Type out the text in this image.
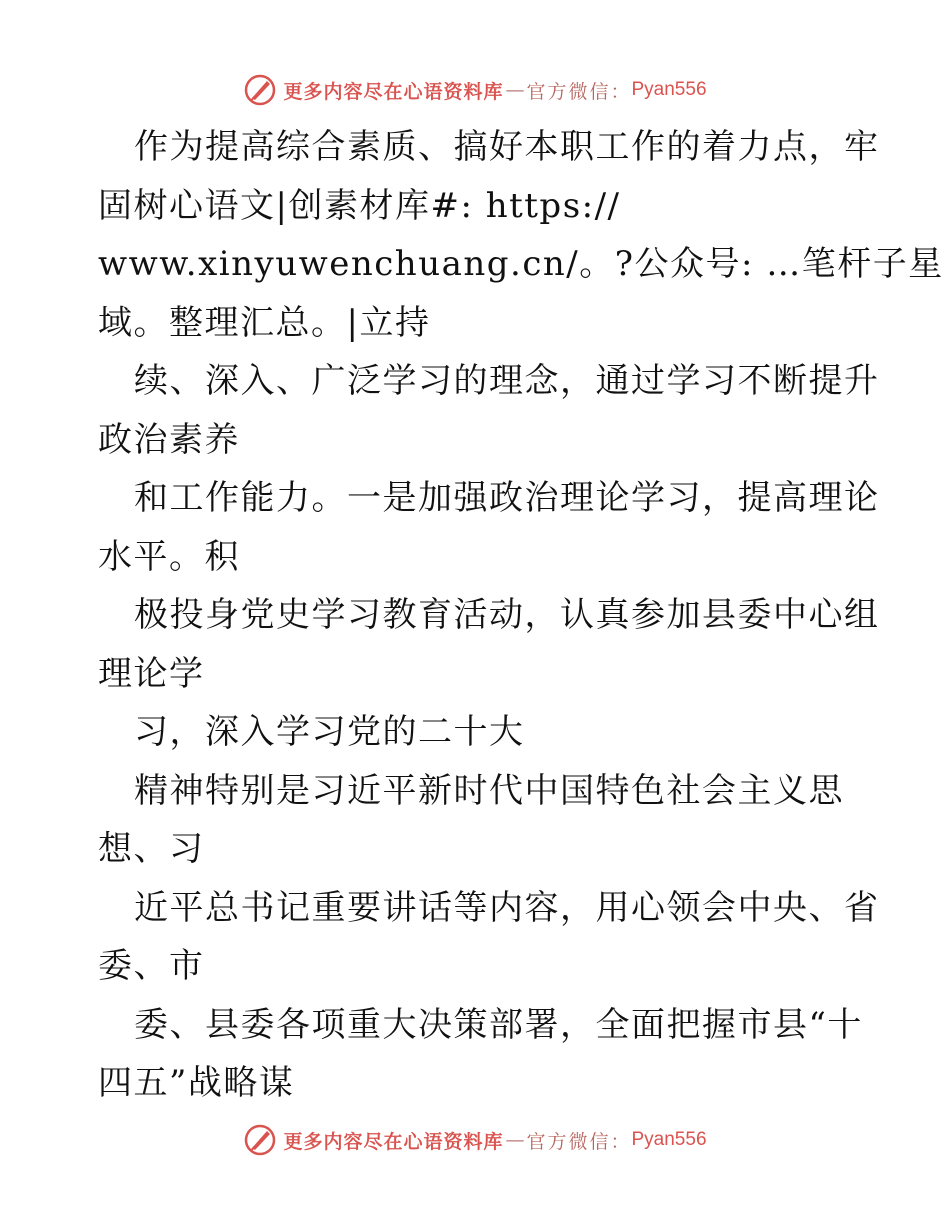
更多内容尽在心语资料库 — 官方微信： Pyan556
作为提高综合素质、搞好本职工作的着力点，牢
固树心语文|创素材库#: https://
www.xinyuwenchuang.cn/。?公众号: …笔杆子星
域。整理汇总。|立持
续、深入、广泛学习的理念，通过学习不断提升
政治素养
和工作能力。一是加强政治理论学习，提高理论
水平。积
极投身党史学习教育活动，认真参加县委中心组
理论学
习，深入学习党的二十大
精神特别是习近平新时代中国特色社会主义思
想、习
近平总书记重要讲话等内容，用心领会中央、省
委、市
委、县委各项重大决策部署，全面把握市县“十
四五”战略谋
更多内容尽在心语资料库 — 官方微信： Pyan556
